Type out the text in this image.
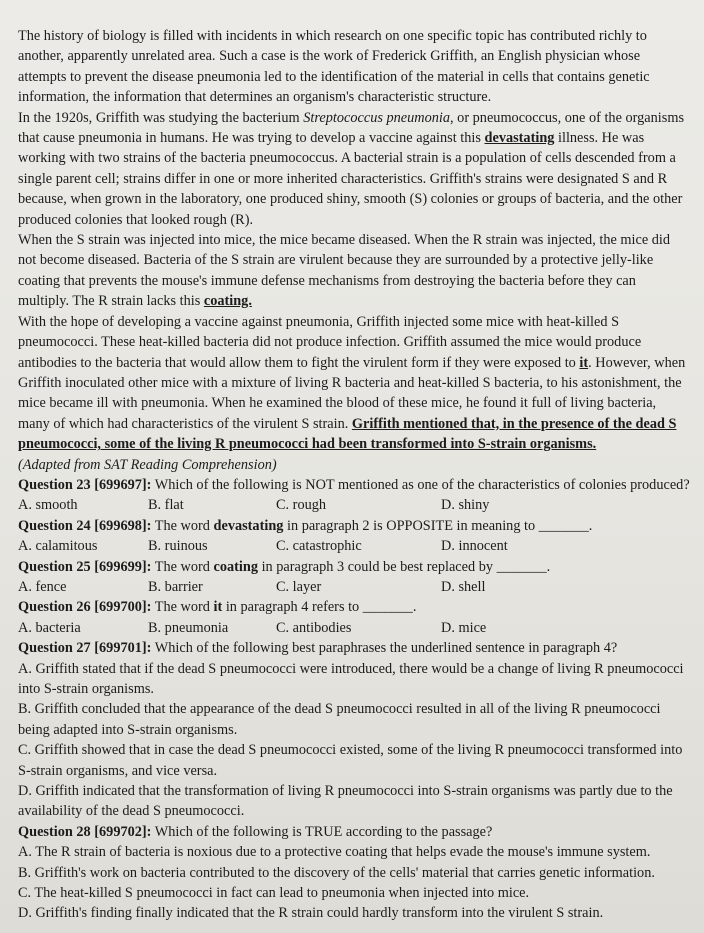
The history of biology is filled with incidents in which research on one specific topic has contributed richly to another, apparently unrelated area. Such a case is the work of Frederick Griffith, an English physician whose attempts to prevent the disease pneumonia led to the identification of the material in cells that contains genetic information, the information that determines an organism's characteristic structure.

In the 1920s, Griffith was studying the bacterium Streptococcus pneumonia, or pneumococcus, one of the organisms that cause pneumonia in humans. He was trying to develop a vaccine against this devastating illness. He was working with two strains of the bacteria pneumococcus. A bacterial strain is a population of cells descended from a single parent cell; strains differ in one or more inherited characteristics. Griffith's strains were designated S and R because, when grown in the laboratory, one produced shiny, smooth (S) colonies or groups of bacteria, and the other produced colonies that looked rough (R).

When the S strain was injected into mice, the mice became diseased. When the R strain was injected, the mice did not become diseased. Bacteria of the S strain are virulent because they are surrounded by a protective jelly-like coating that prevents the mouse's immune defense mechanisms from destroying the bacteria before they can multiply. The R strain lacks this coating.

With the hope of developing a vaccine against pneumonia, Griffith injected some mice with heat-killed S pneumococci. These heat-killed bacteria did not produce infection. Griffith assumed the mice would produce antibodies to the bacteria that would allow them to fight the virulent form if they were exposed to it. However, when Griffith inoculated other mice with a mixture of living R bacteria and heat-killed S bacteria, to his astonishment, the mice became ill with pneumonia. When he examined the blood of these mice, he found it full of living bacteria, many of which had characteristics of the virulent S strain. Griffith mentioned that, in the presence of the dead S pneumococci, some of the living R pneumococci had been transformed into S-strain organisms.

(Adapted from SAT Reading Comprehension)

Question 23 [699697]: Which of the following is NOT mentioned as one of the characteristics of colonies produced?

A. smooth	B. flat	C. rough	D. shiny

Question 24 [699698]: The word devastating in paragraph 2 is OPPOSITE in meaning to _______.

A. calamitous	B. ruinous	C. catastrophic	D. innocent

Question 25 [699699]: The word coating in paragraph 3 could be best replaced by _______.

A. fence	B. barrier	C. layer	D. shell

Question 26 [699700]: The word it in paragraph 4 refers to _______.

A. bacteria	B. pneumonia	C. antibodies	D. mice

Question 27 [699701]: Which of the following best paraphrases the underlined sentence in paragraph 4?

A. Griffith stated that if the dead S pneumococci were introduced, there would be a change of living R pneumococci into S-strain organisms.

B. Griffith concluded that the appearance of the dead S pneumococci resulted in all of the living R pneumococci being adapted into S-strain organisms.

C. Griffith showed that in case the dead S pneumococci existed, some of the living R pneumococci transformed into S-strain organisms, and vice versa.

D. Griffith indicated that the transformation of living R pneumococci into S-strain organisms was partly due to the availability of the dead S pneumococci.

Question 28 [699702]: Which of the following is TRUE according to the passage?

A. The R strain of bacteria is noxious due to a protective coating that helps evade the mouse's immune system.

B. Griffith's work on bacteria contributed to the discovery of the cells' material that carries genetic information.

C. The heat-killed S pneumococci in fact can lead to pneumonia when injected into mice.

D. Griffith's finding finally indicated that the R strain could hardly transform into the virulent S strain.
